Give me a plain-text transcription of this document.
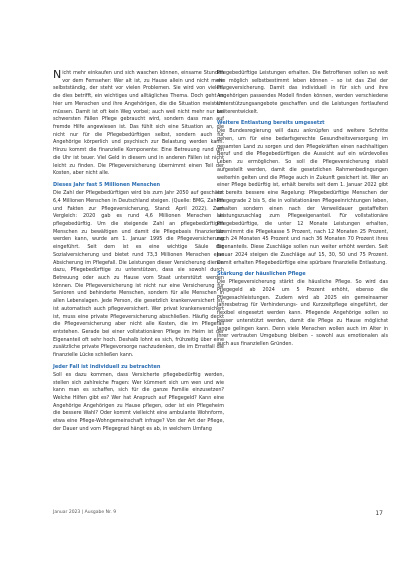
Nicht mehr einkaufen und sich waschen können, einsame Stunden vor dem Fernseher: Wer alt ist, zu Hause allein und nicht mehr selbstständig, der steht vor vielen Problemen. Sie wird von vielen, die dies betrifft, ein wichtiges und alltägliches Thema. Doch geht es hier um Menschen und ihre Angehörigen, die die Situation meistern müssen. Damit ist oft kein Weg vorbei; auch weil nicht mehr nur bei schwersten Fällen Pflege gebraucht wird, sondern dass man auf fremde Hilfe angewiesen ist. Das fühlt sich eine Situation an, die nicht nur für die Pflegebedürftigen selbst, sondern auch für Angehörige körperlich und psychisch zur Belastung werden kann. Hinzu kommt die finanzielle Komponente: Eine Betreuung rund um die Uhr ist teuer. Viel Geld in diesem und in anderen Fällen ist nicht leicht zu finden. Die Pflegeversicherung übernimmt einen Teil der Kosten, aber nicht alle.

Dieses Jahr fast 5 Millionen Menschen

Die Zahl der Pflegebedürftigen wird bis zum Jahr 2050 auf geschätzt 6,4 Millionen Menschen in Deutschland steigen. (Quelle: BMG, Zahlen und Fakten zur Pflegeversicherung, Stand: April 2022). Zum Vergleich: 2020 gab es rund 4,6 Millionen Menschen als pflegebedürftig. Um die steigende Zahl an pflegebedürftigen Menschen zu bewältigen und damit die Pflegebasis finanzierbar werden kann, wurde am 1. Januar 1995 die Pflegeversicherung eingeführt. Seit dem ist es eine wichtige Säule der Sozialversicherung und bietet rund 73,3 Millionen Menschen eine Absicherung im Pflegefall. Die Leistungen dieser Versicherung dienen dazu, Pflegebedürftige zu unterstützen, dass sie sowohl durch Betreuung oder auch zu Hause vom Staat unterstützt werden können. Die Pflegeversicherung ist nicht nur eine Versicherung für Senioren und behinderte Menschen, sondern für alle Menschen in allen Lebenslagen. Jede Person, die gesetzlich krankenversichert ist, ist automatisch auch pflegeversichert. Wer privat krankenversichert ist, muss eine private Pflegeversicherung abschließen. Häufig deckt die Pflegeversicherung aber nicht alle Kosten, die im Pflegefall entstehen. Gerade bei einer vollstationären Pflege im Heim ist der Eigenanteil oft sehr hoch. Deshalb lohnt es sich, frühzeitig über eine zusätzliche private Pflegevorsorge nachzudenken, die im Ernstfall die finanzielle Lücke schließen kann.

Jeder Fall ist individuell zu betrachten

Soll es dazu kommen, dass Versicherte pflegebedürftig werden, stellen sich zahlreiche Fragen: Wer kümmert sich um wen und wie kann man es schaffen, sich für die ganze Familie einzusetzen? Welche Hilfen gibt es? Wer hat Anspruch auf Pflegegeld? Kann eine Angehörige Angehörigen zu Hause pflegen, oder ist ein Pflegeheim die bessere Wahl? Oder kommt vielleicht eine ambulante Wohnform, etwa eine Pflege-Wohngemeinschaft infrage? Von der Art der Pflege, der Dauer und vom Pflegegrad hängt es ab, in welchem Umfang

Pflegebedürftige Leistungen erhalten. Die Betroffenen sollen so weit wie möglich selbstbestimmt leben können – so ist das Ziel der Pflegeversicherung. Damit das individuell in für sich und ihre Angehörigen passendes Modell finden können, werden verschiedene Unterstützungsangebote geschaffen und die Leistungen fortlaufend weiterentwickelt.

Weitere Entlastung bereits umgesetzt

Die Bundesregierung will dazu anknüpfen und weitere Schritte gehen, um für eine bedarfsgerechte Gesundheitsversorgung im gesamten Land zu sorgen und den Pflegekräften einen nachhaltigen Beruf und die Pflegebedürftigen die Aussicht auf ein würdevolles Leben zu ermöglichen. So soll die Pflegeversicherung stabil aufgestellt werden, damit die gesetzlichen Rahmenbedingungen weiterhin gelten und die Pflege auch in Zukunft gesichert ist. Wer an einer Pflege bedürftig ist, erhält bereits seit dem 1. Januar 2022 gibt es bereits bessere eine Regelung: Pflegebedürftige Menschen der Pflegegrade 2 bis 5, die in vollstationären Pflegeeinrichtungen leben, erhalten sondern einen nach der Verweildauer gestaffelten Leistungszuschlag zum Pflegeeigenanteil. Für vollstationäre Pflegebedürftige, die unter 12 Monate Leistungen erhalten, übernimmt die Pflegekasse 5 Prozent, nach 12 Monaten 25 Prozent, nach 24 Monaten 45 Prozent und nach 36 Monaten 70 Prozent ihres Eigenanteils. Diese Zuschläge sollen nun weiter erhöht werden. Seit Januar 2024 steigen die Zuschläge auf 15, 30, 50 und 75 Prozent. Damit erhalten Pflegebedürftige eine spürbare finanzielle Entlastung.

Stärkung der häuslichen Pflege

Die Pflegeversicherung stärkt die häusliche Pflege. So wird das Pflegegeld ab 2024 um 5 Prozent erhöht, ebenso die Pflegesachleistungen. Zudem wird ab 2025 ein gemeinsamer Jahresbetrag für Verhinderungs- und Kurzzeitpflege eingeführt, der flexibel eingesetzt werden kann. Pflegende Angehörige sollen so besser unterstützt werden, damit die Pflege zu Hause möglichst lange gelingen kann. Denn viele Menschen wollen auch im Alter in ihrer vertrauten Umgebung bleiben – sowohl aus emotionalen als auch aus finanziellen Gründen.

Januar 2023 | Ausgabe Nr. 9	17
